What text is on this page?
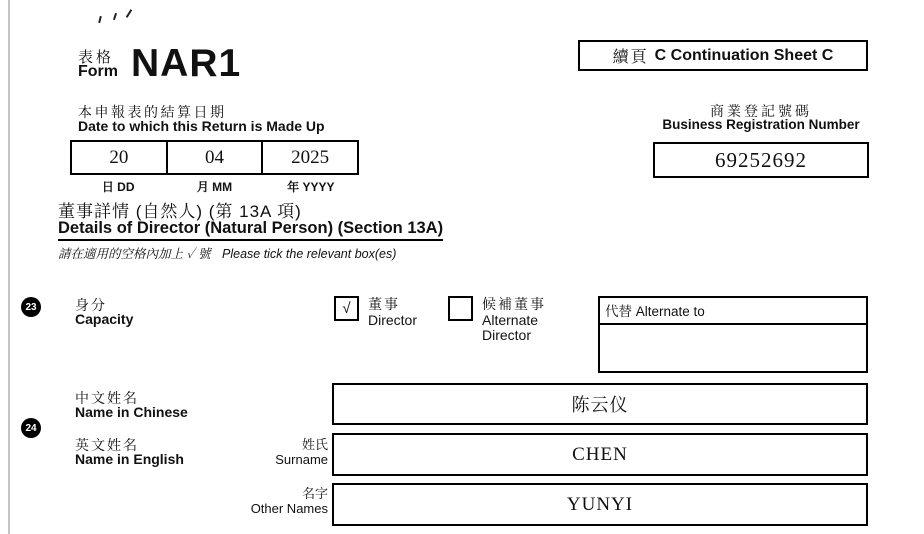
表格
Form NAR1	續頁 C Continuation Sheet C
本申報表的結算日期
Date to which this Return is Made Up
20	04	2025
日 DD	月 MM	年 YYYY
商業登記號碼
Business Registration Number
69252692
董事詳情 (自然人) (第 13A 項)
Details of Director (Natural Person) (Section 13A)
請在適用的空格內加上 ✓ 號 Please tick the relevant box(es)
23	身分
Capacity
√ 董事
Director
候補董事
Alternate
Director
代替 Alternate to
24
中文姓名
Name in Chinese	陈云仪
英文姓名
Name in English
姓氏
Surname	CHEN
名字
Other Names	YUNYI
